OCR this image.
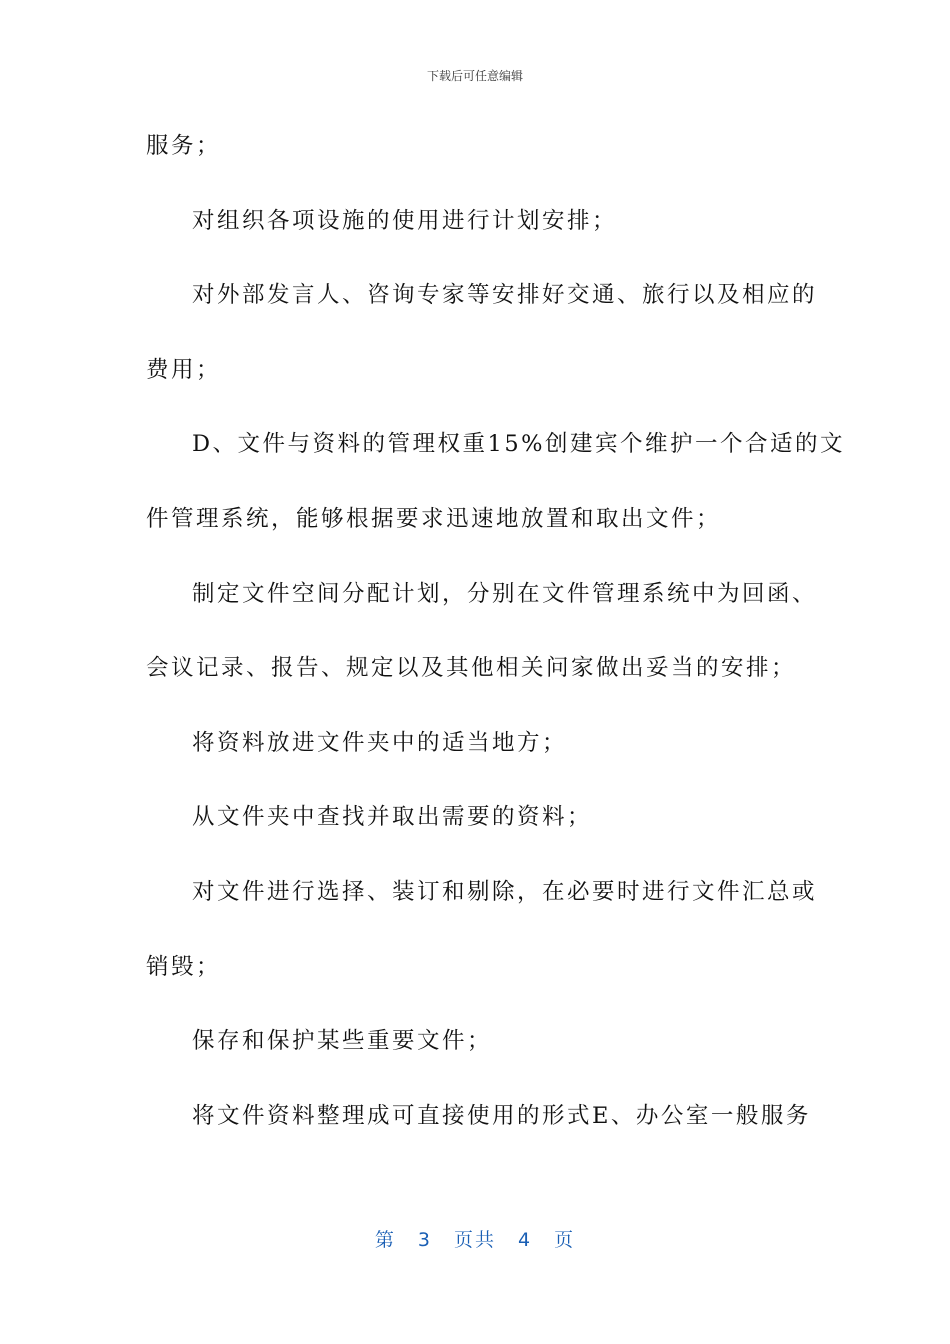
下载后可任意编辑
服务；
对组织各项设施的使用进行计划安排；
对外部发言人、咨询专家等安排好交通、旅行以及相应的
费用；
D、文件与资料的管理权重15%创建宾个维护一个合适的文
件管理系统，能够根据要求迅速地放置和取出文件；
制定文件空间分配计划，分别在文件管理系统中为回函、
会议记录、报告、规定以及其他相关问家做出妥当的安排；
将资料放进文件夹中的适当地方；
从文件夹中查找并取出需要的资料；
对文件进行选择、装订和剔除，在必要时进行文件汇总或
销毁；
保存和保护某些重要文件；
将文件资料整理成可直接使用的形式E、办公室一般服务
第 3 页共 4 页
